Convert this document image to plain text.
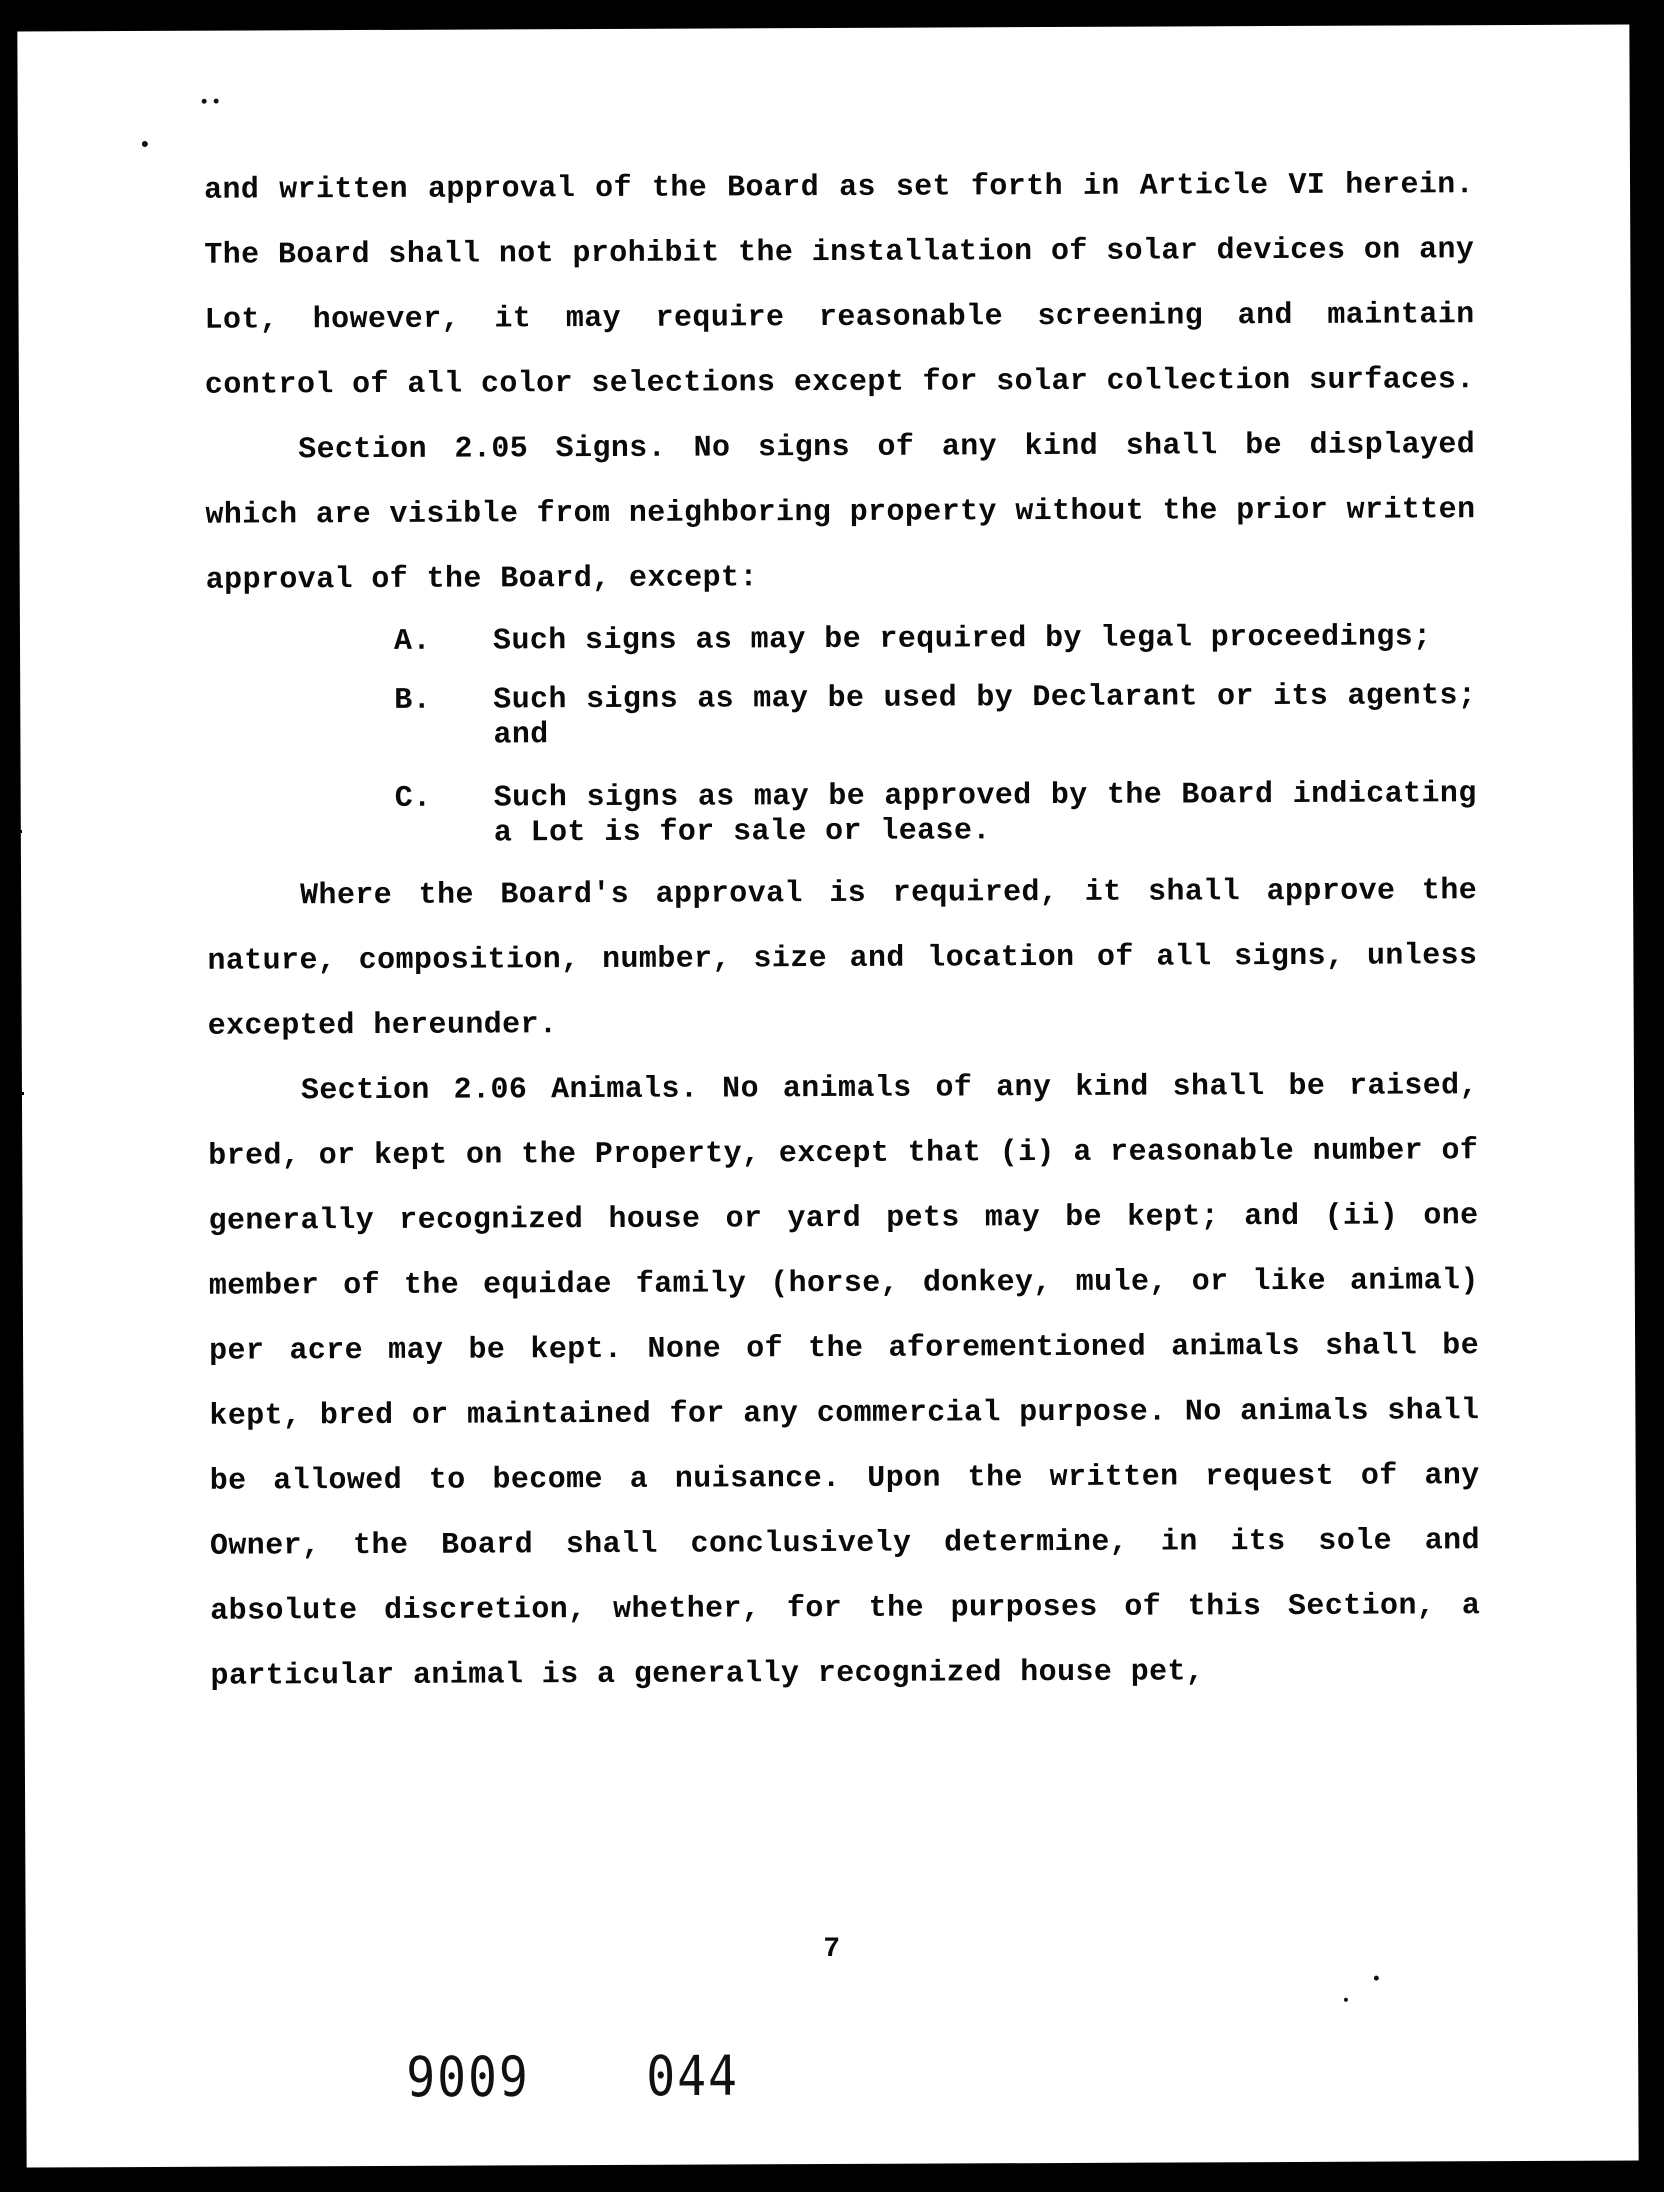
and written approval of the Board as set forth in Article VI herein. The Board shall not prohibit the installation of solar devices on any Lot, however, it may require reasonable screening and maintain control of all color selections except for solar collection surfaces.

Section 2.05 Signs. No signs of any kind shall be displayed which are visible from neighboring property without the prior written approval of the Board, except:

A. Such signs as may be required by legal proceedings;
B. Such signs as may be used by Declarant or its agents; and
C. Such signs as may be approved by the Board indicating a Lot is for sale or lease.

Where the Board's approval is required, it shall approve the nature, composition, number, size and location of all signs, unless excepted hereunder.

Section 2.06 Animals. No animals of any kind shall be raised, bred, or kept on the Property, except that (i) a reasonable number of generally recognized house or yard pets may be kept; and (ii) one member of the equidae family (horse, donkey, mule, or like animal) per acre may be kept. None of the aforementioned animals shall be kept, bred or maintained for any commercial purpose. No animals shall be allowed to become a nuisance. Upon the written request of any Owner, the Board shall conclusively determine, in its sole and absolute discretion, whether, for the purposes of this Section, a particular animal is a generally recognized house pet,

7
9009 044
